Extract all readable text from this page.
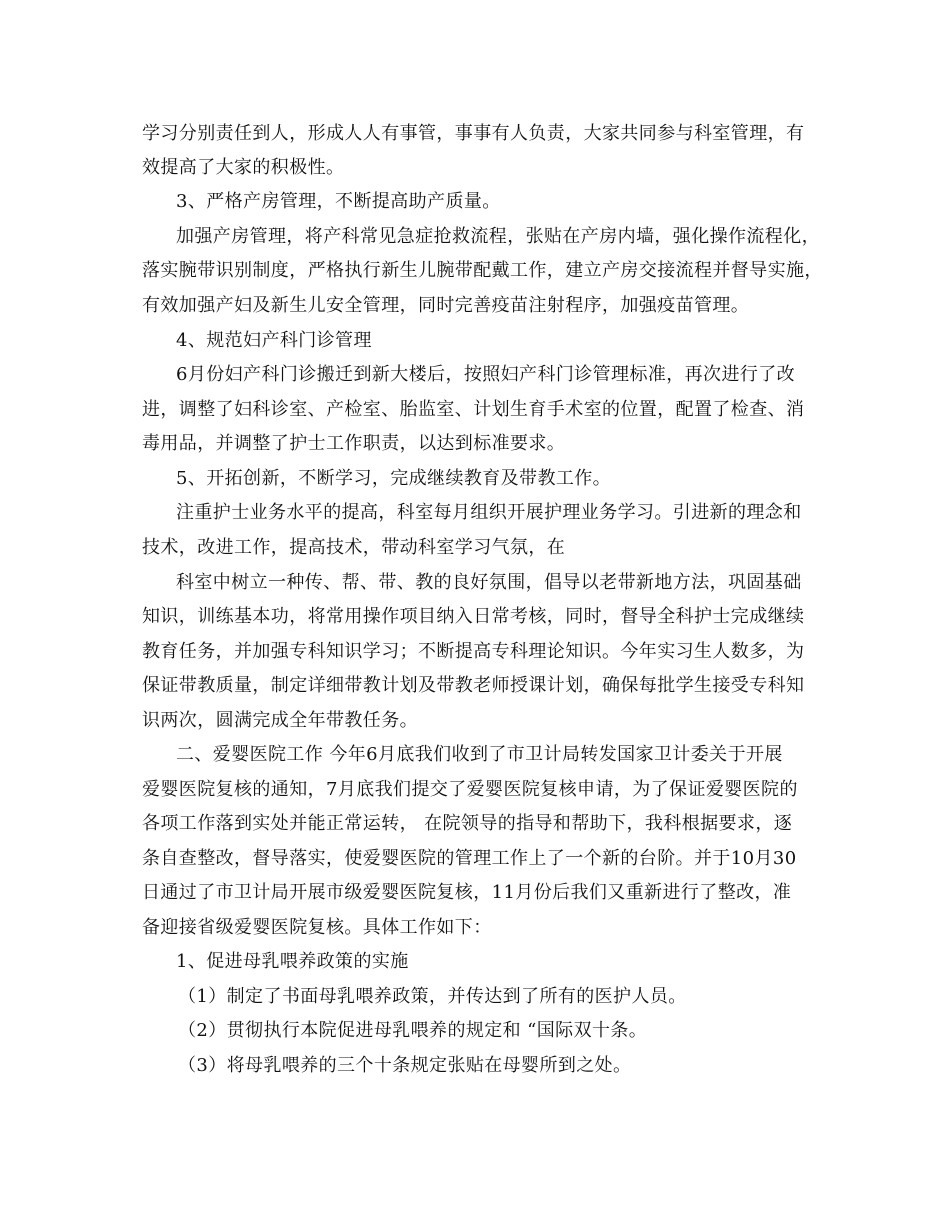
学习分别责任到人，形成人人有事管，事事有人负责，大家共同参与科室管理，有
效提高了大家的积极性。
3、严格产房管理，不断提高助产质量。
加强产房管理，将产科常见急症抢救流程，张贴在产房内墙，强化操作流程化，
落实腕带识别制度，严格执行新生儿腕带配戴工作，建立产房交接流程并督导实施，
有效加强产妇及新生儿安全管理，同时完善疫苗注射程序，加强疫苗管理。
4、规范妇产科门诊管理
6月份妇产科门诊搬迁到新大楼后，按照妇产科门诊管理标准，再次进行了改
进，调整了妇科诊室、产检室、胎监室、计划生育手术室的位置，配置了检查、消
毒用品，并调整了护士工作职责，以达到标准要求。
5、开拓创新，不断学习，完成继续教育及带教工作。
注重护士业务水平的提高，科室每月组织开展护理业务学习。引进新的理念和
技术，改进工作，提高技术，带动科室学习气氛，在
科室中树立一种传、帮、带、教的良好氛围，倡导以老带新地方法，巩固基础
知识，训练基本功，将常用操作项目纳入日常考核，同时，督导全科护士完成继续
教育任务，并加强专科知识学习；不断提高专科理论知识。今年实习生人数多，为
保证带教质量，制定详细带教计划及带教老师授课计划，确保每批学生接受专科知
识两次，圆满完成全年带教任务。
二、爱婴医院工作 今年6月底我们收到了市卫计局转发国家卫计委关于开展
爱婴医院复核的通知，7月底我们提交了爱婴医院复核申请，为了保证爱婴医院的
各项工作落到实处并能正常运转， 在院领导的指导和帮助下，我科根据要求，逐
条自查整改，督导落实，使爱婴医院的管理工作上了一个新的台阶。并于10月30
日通过了市卫计局开展市级爱婴医院复核，11月份后我们又重新进行了整改，准
备迎接省级爱婴医院复核。具体工作如下：
1、促进母乳喂养政策的实施
（1）制定了书面母乳喂养政策，并传达到了所有的医护人员。
（2）贯彻执行本院促进母乳喂养的规定和 “国际双十条。
（3）将母乳喂养的三个十条规定张贴在母婴所到之处。
